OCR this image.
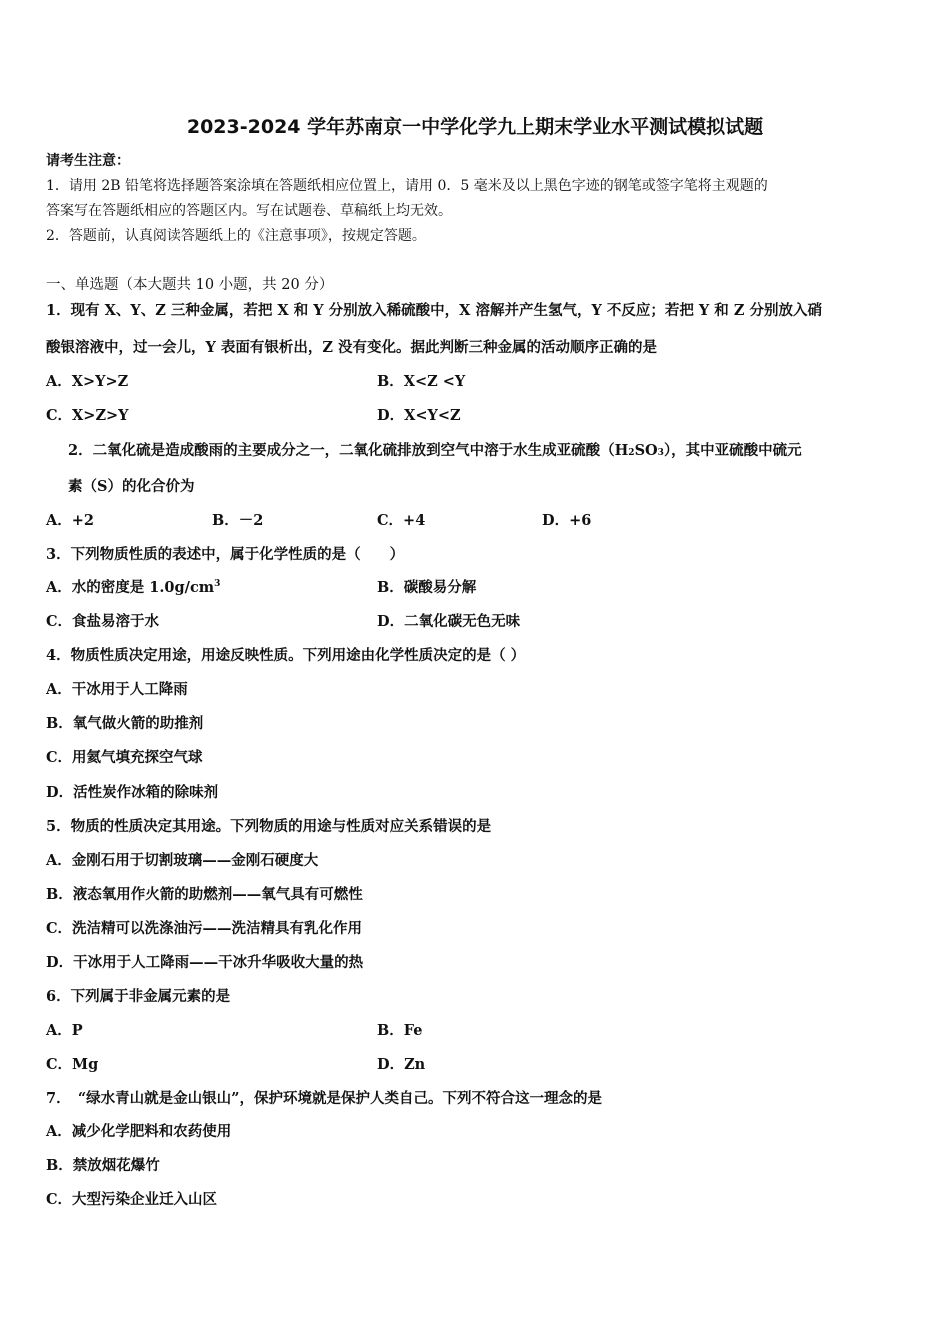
2023-2024 学年苏南京一中学化学九上期末学业水平测试模拟试题
请考生注意：
1．请用 2B 铅笔将选择题答案涂填在答题纸相应位置上，请用 0．5 毫米及以上黑色字迹的钢笔或签字笔将主观题的
答案写在答题纸相应的答题区内。写在试题卷、草稿纸上均无效。
2．答题前，认真阅读答题纸上的《注意事项》，按规定答题。
一、单选题（本大题共 10 小题，共 20 分）
1．现有 X、Y、Z 三种金属，若把 X 和 Y 分别放入稀硫酸中，X 溶解并产生氢气，Y 不反应；若把 Y 和 Z 分别放入硝
酸银溶液中，过一会儿，Y 表面有银析出，Z 没有变化。据此判断三种金属的活动顺序正确的是
A．X>Y>Z	B．X<Z <Y
C．X>Z>Y	D．X<Y<Z
2．二氧化硫是造成酸雨的主要成分之一，二氧化硫排放到空气中溶于水生成亚硫酸（H2SO3），其中亚硫酸中硫元
素（S）的化合价为
A．+2	B．－2	C．+4	D．+6
3．下列物质性质的表述中，属于化学性质的是（　　）
A．水的密度是 $1.0g/cm^3$	B．碳酸易分解
C．食盐易溶于水	D．二氧化碳无色无味
4．物质性质决定用途，用途反映性质。下列用途由化学性质决定的是（ ）
A．干冰用于人工降雨
B．氧气做火箭的助推剂
C．用氦气填充探空气球
D．活性炭作冰箱的除味剂
5．物质的性质决定其用途。下列物质的用途与性质对应关系错误的是
A．金刚石用于切割玻璃——金刚石硬度大
B．液态氧用作火箭的助燃剂——氧气具有可燃性
C．洗洁精可以洗涤油污——洗洁精具有乳化作用
D．干冰用于人工降雨——干冰升华吸收大量的热
6．下列属于非金属元素的是
A．P	B．Fe
C．Mg	D．Zn
7．　“绿水青山就是金山银山”，保护环境就是保护人类自己。下列不符合这一理念的是
A．减少化学肥料和农药使用
B．禁放烟花爆竹
C．大型污染企业迁入山区
